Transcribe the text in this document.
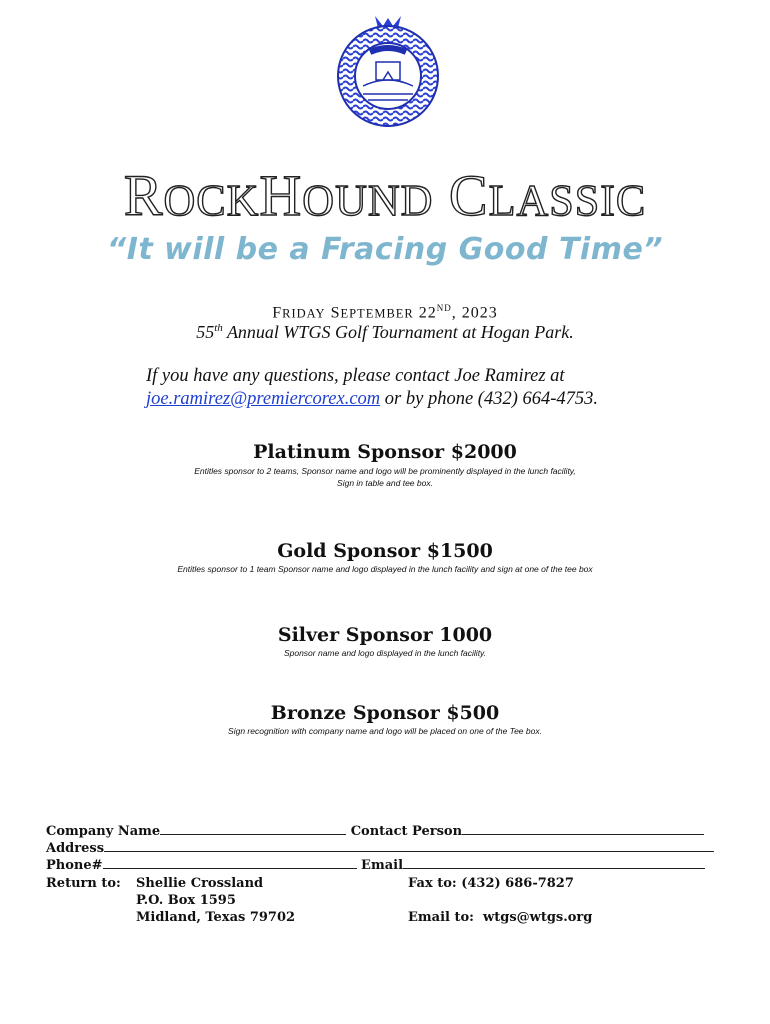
ROCKHOUND CLASSIC
“It will be a Fracing Good Time”
FRIDAY SEPTEMBER 22ND, 2023
55th Annual WTGS Golf Tournament at Hogan Park.
If you have any questions, please contact Joe Ramirez at
joe.ramirez@premiercorex.com or by phone (432) 664-4753.
Platinum Sponsor $2000
Entitles sponsor to 2 teams, Sponsor name and logo will be prominently displayed in the lunch facility,
Sign in table and tee box.
Gold Sponsor $1500
Entitles sponsor to 1 team Sponsor name and logo displayed in the lunch facility and sign at one of the tee box
Silver Sponsor 1000
Sponsor name and logo displayed in the lunch facility.
Bronze Sponsor $500
Sign recognition with company name and logo will be placed on one of the Tee box.
Company Name	Contact Person
Address
Phone#	Email
Return to: Shellie Crossland
P.O. Box 1595
Midland, Texas 79702
Fax to: (432) 686-7827
Email to: wtgs@wtgs.org
